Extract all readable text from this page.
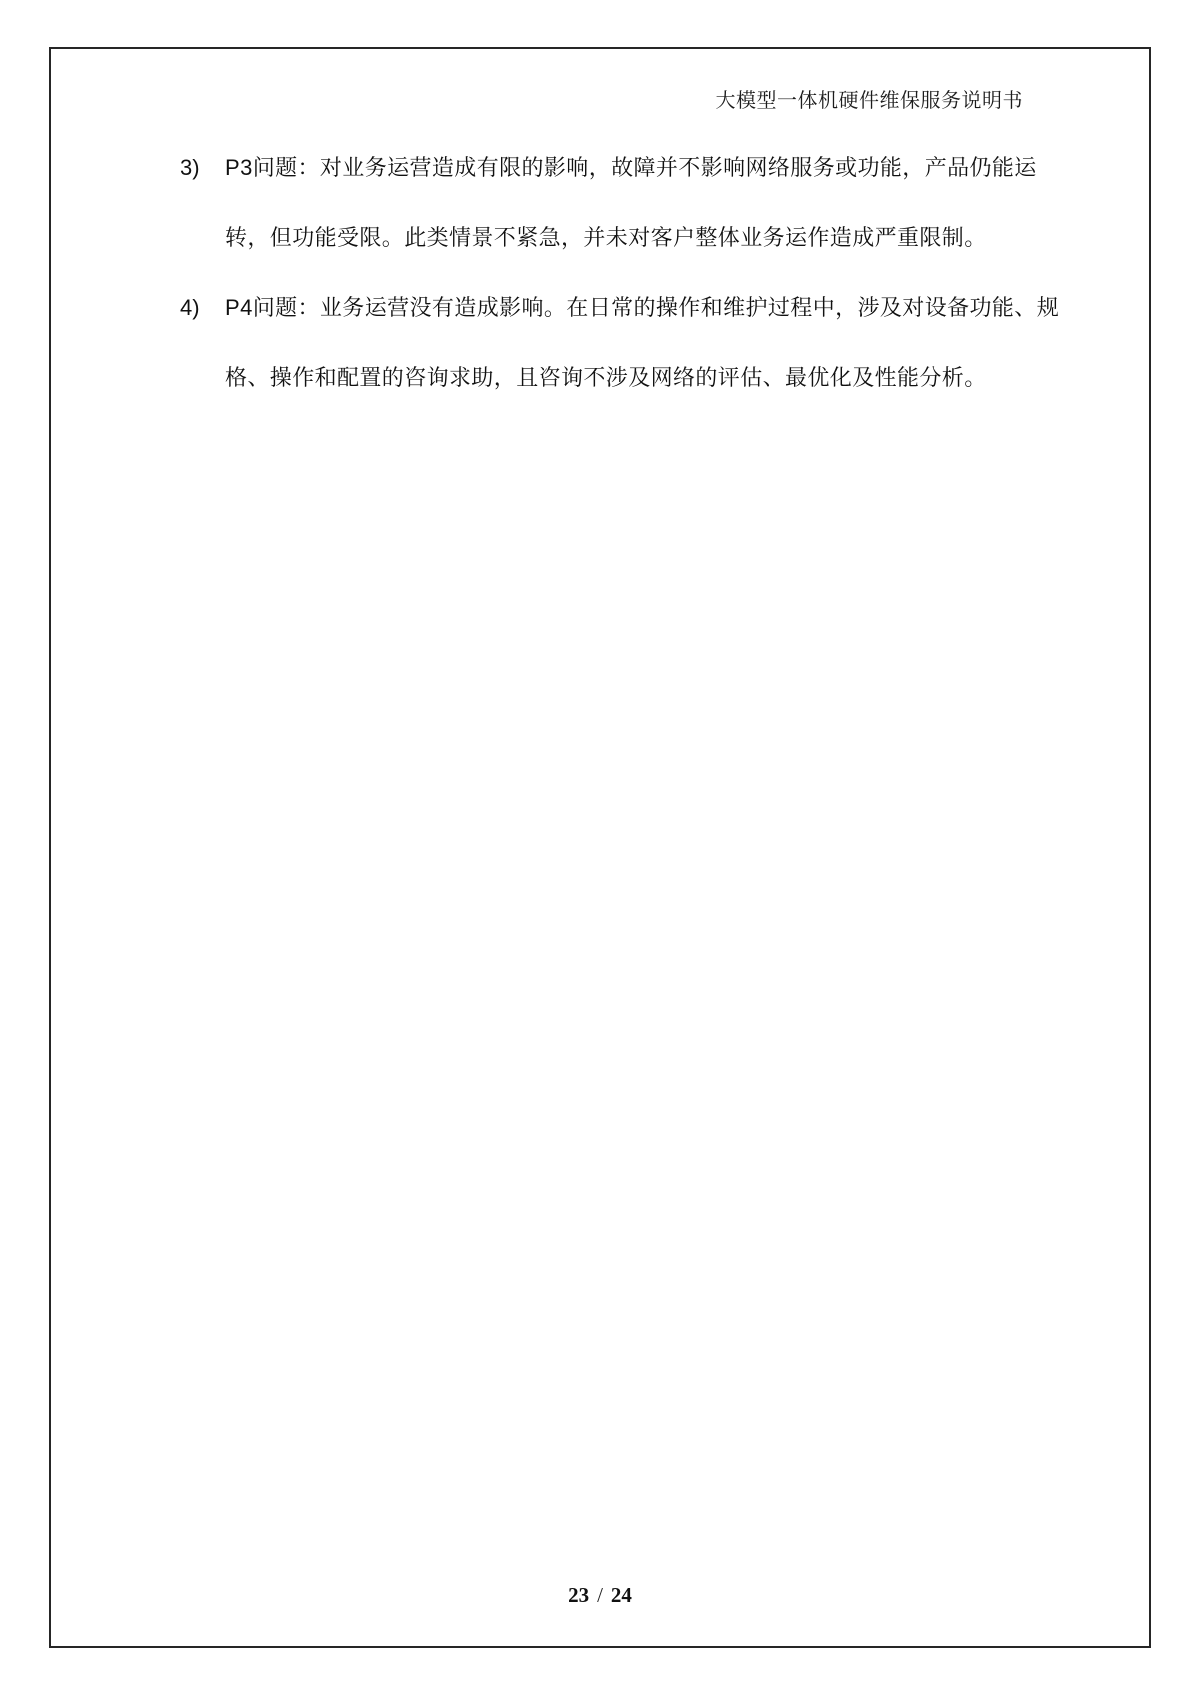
大模型一体机硬件维保服务说明书
3)	P3问题：对业务运营造成有限的影响，故障并不影响网络服务或功能，产品仍能运
转，但功能受限。此类情景不紧急，并未对客户整体业务运作造成严重限制。
4)	P4问题：业务运营没有造成影响。在日常的操作和维护过程中，涉及对设备功能、规
格、操作和配置的咨询求助，且咨询不涉及网络的评估、最优化及性能分析。
23 / 24
